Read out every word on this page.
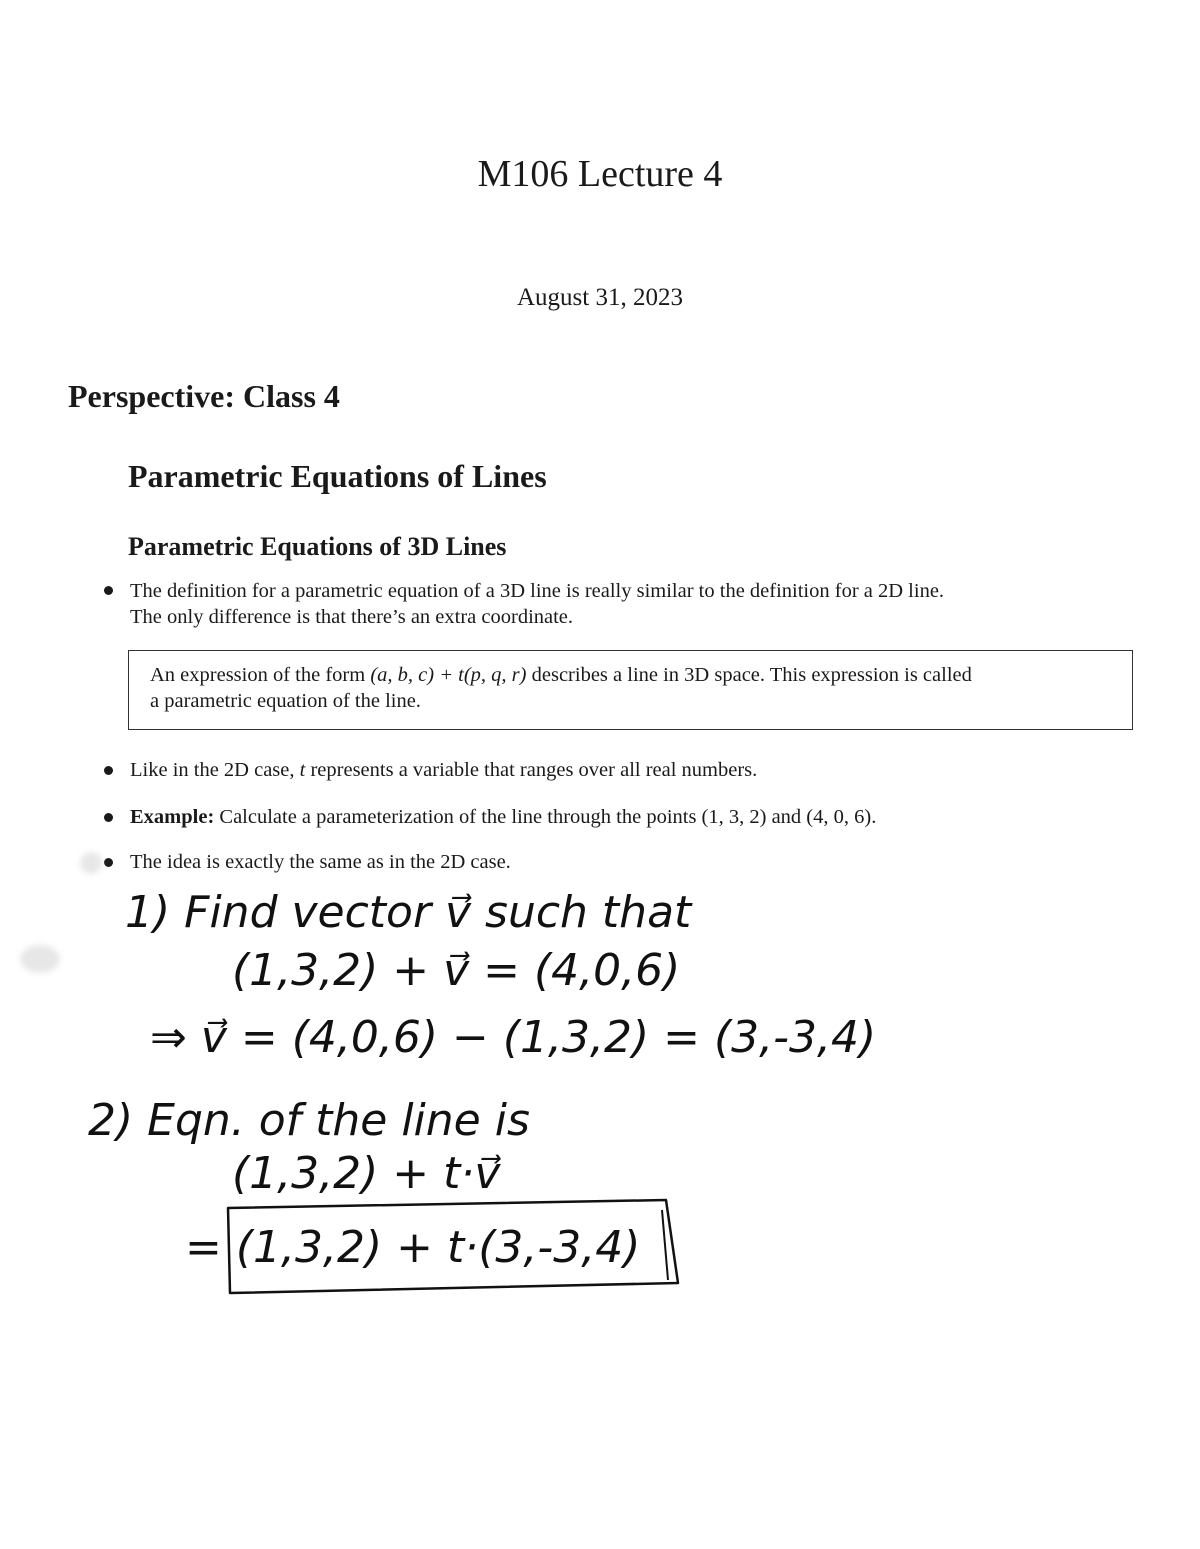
M106 Lecture 4
August 31, 2023
Perspective: Class 4
Parametric Equations of Lines
Parametric Equations of 3D Lines
The definition for a parametric equation of a 3D line is really similar to the definition for a 2D line.
The only difference is that there’s an extra coordinate.
An expression of the form (a, b, c) + t(p, q, r) describes a line in 3D space. This expression is called
a parametric equation of the line.
Like in the 2D case, t represents a variable that ranges over all real numbers.
Example: Calculate a parameterization of the line through the points (1, 3, 2) and (4, 0, 6).
The idea is exactly the same as in the 2D case.
1) Find vector v⃗ such that
(1,3,2) + v⃗ = (4,0,6)
⇒ v⃗ = (4,0,6) − (1,3,2) = (3,-3,4)
2) Eqn. of the line is
(1,3,2) + t·v⃗
= (1,3,2) + t·(3,-3,4)
